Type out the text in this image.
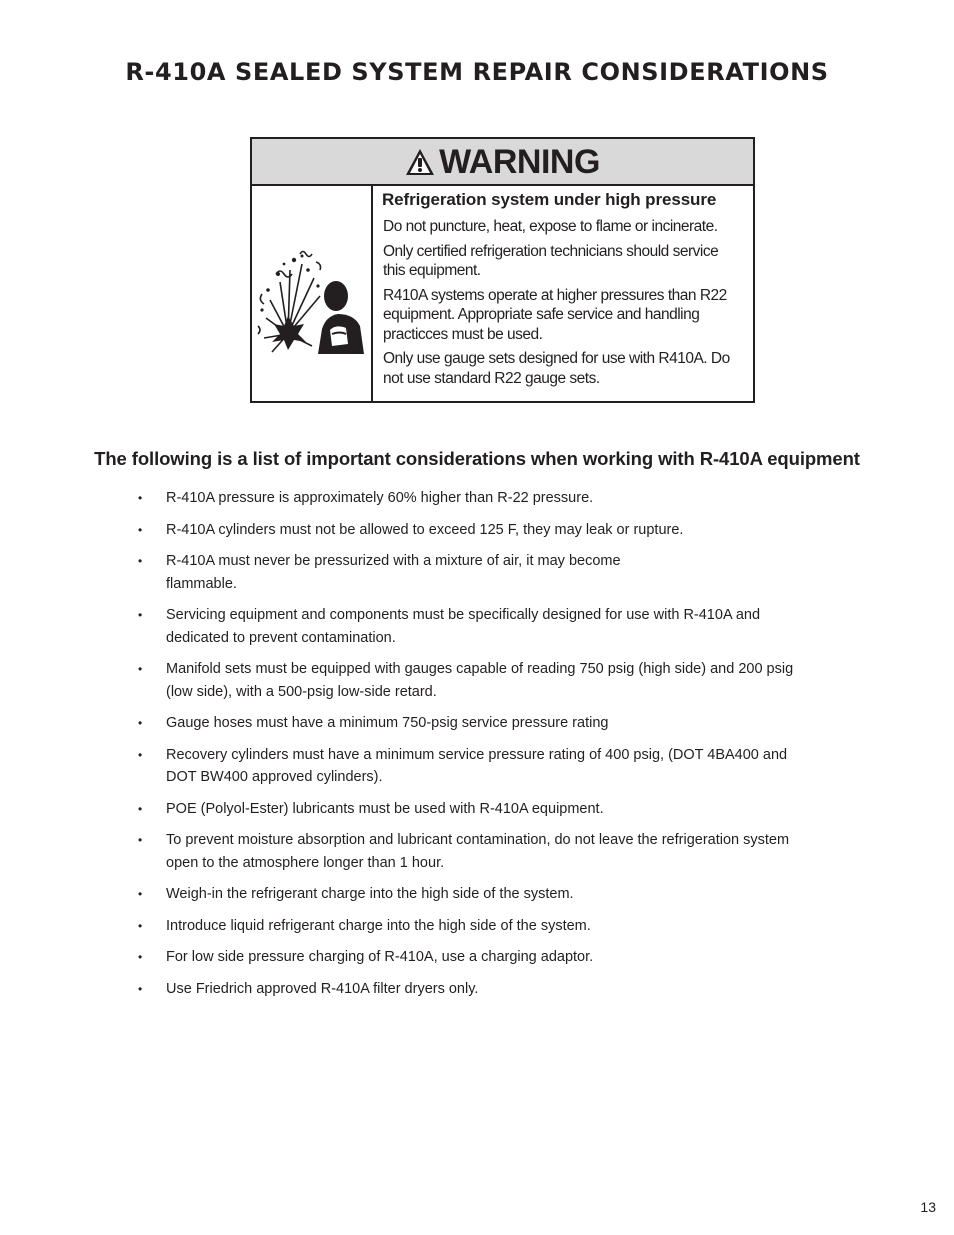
R-410A SEALED SYSTEM REPAIR CONSIDERATIONS
WARNING

Refrigeration system under high pressure

Do not puncture, heat, expose to flame or incinerate.

Only certified refrigeration technicians should service this equipment.

R410A systems operate at higher pressures than R22 equipment. Appropriate safe service and handling practicces must be used.

Only use gauge sets designed for use with R410A. Do not use standard R22 gauge sets.

The following is a list of important considerations when working with R-410A equipment
• R-410A pressure is approximately 60% higher than R-22 pressure.
• R-410A cylinders must not be allowed to exceed 125 F, they may leak or rupture.
• R-410A must never be pressurized with a mixture of air, it may become flammable.
• Servicing equipment and components must be specifically designed for use with R-410A and dedicated to prevent contamination.
• Manifold sets must be equipped with gauges capable of reading 750 psig (high side) and 200 psig (low side), with a 500-psig low-side retard.
• Gauge hoses must have a minimum 750-psig service pressure rating
• Recovery cylinders must have a minimum service pressure rating of 400 psig, (DOT 4BA400 and DOT BW400 approved cylinders).
• POE (Polyol-Ester) lubricants must be used with R-410A equipment.
• To prevent moisture absorption and lubricant contamination, do not leave the refrigeration system open to the atmosphere longer than 1 hour.
• Weigh-in the refrigerant charge into the high side of the system.
• Introduce liquid refrigerant charge into the high side of the system.
• For low side pressure charging of R-410A, use a charging adaptor.
• Use Friedrich approved R-410A filter dryers only.
13
